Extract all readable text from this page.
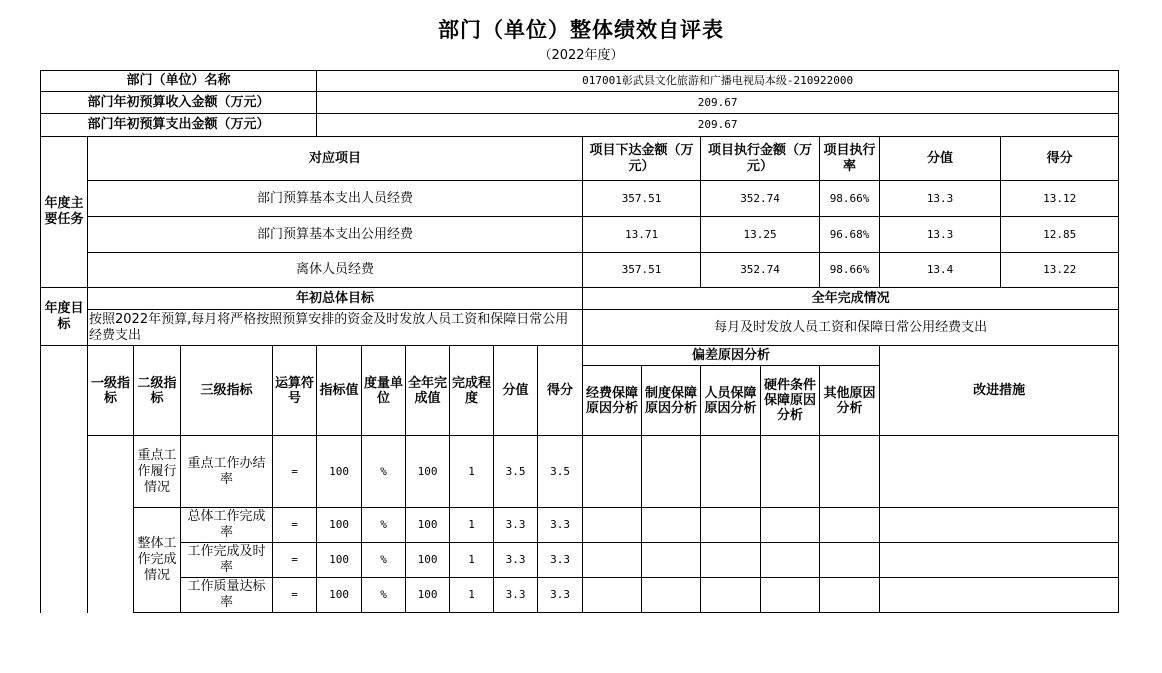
部门（单位）整体绩效自评表
（2022年度）
部门（单位）名称					017001彰武县文化旅游和广播电视局本级-210922000												
部门年初预算收入金额（万元）					209.67												
部门年初预算支出金额（万元）					209.67												
年度主要任务	对应项目										项目下达金额（万元）		项目执行金额（万元）		项目执行率	分值	得分
	部门预算基本支出人员经费										357.51		352.74		98.66%	13.3	13.12
	部门预算基本支出公用经费										13.71		13.25		96.68%	13.3	12.85
	离休人员经费										357.51		352.74		98.66%	13.4	13.22
年度目标	年初总体目标										全年完成情况						
	按照2022年预算,每月将严格按照预算安排的资金及时发放人员工资和保障日常公用经费支出										每月及时发放人员工资和保障日常公用经费支出						
	一级指标	二级指标	三级指标	运算符号	指标值	度量单位	全年完成值	完成程度	分值	得分	偏差原因分析					改进措施	
											经费保障原因分析	制度保障原因分析	人员保障原因分析	硬件条件保障原因分析	其他原因分析		
		重点工作履行情况	重点工作办结率	=	100	%	100	1	3.5	3.5							
		整体工作完成情况	总体工作完成率	=	100	%	100	1	3.3	3.3							
			工作完成及时率	=	100	%	100	1	3.3	3.3							
			工作质量达标率	=	100	%	100	1	3.3	3.3							
